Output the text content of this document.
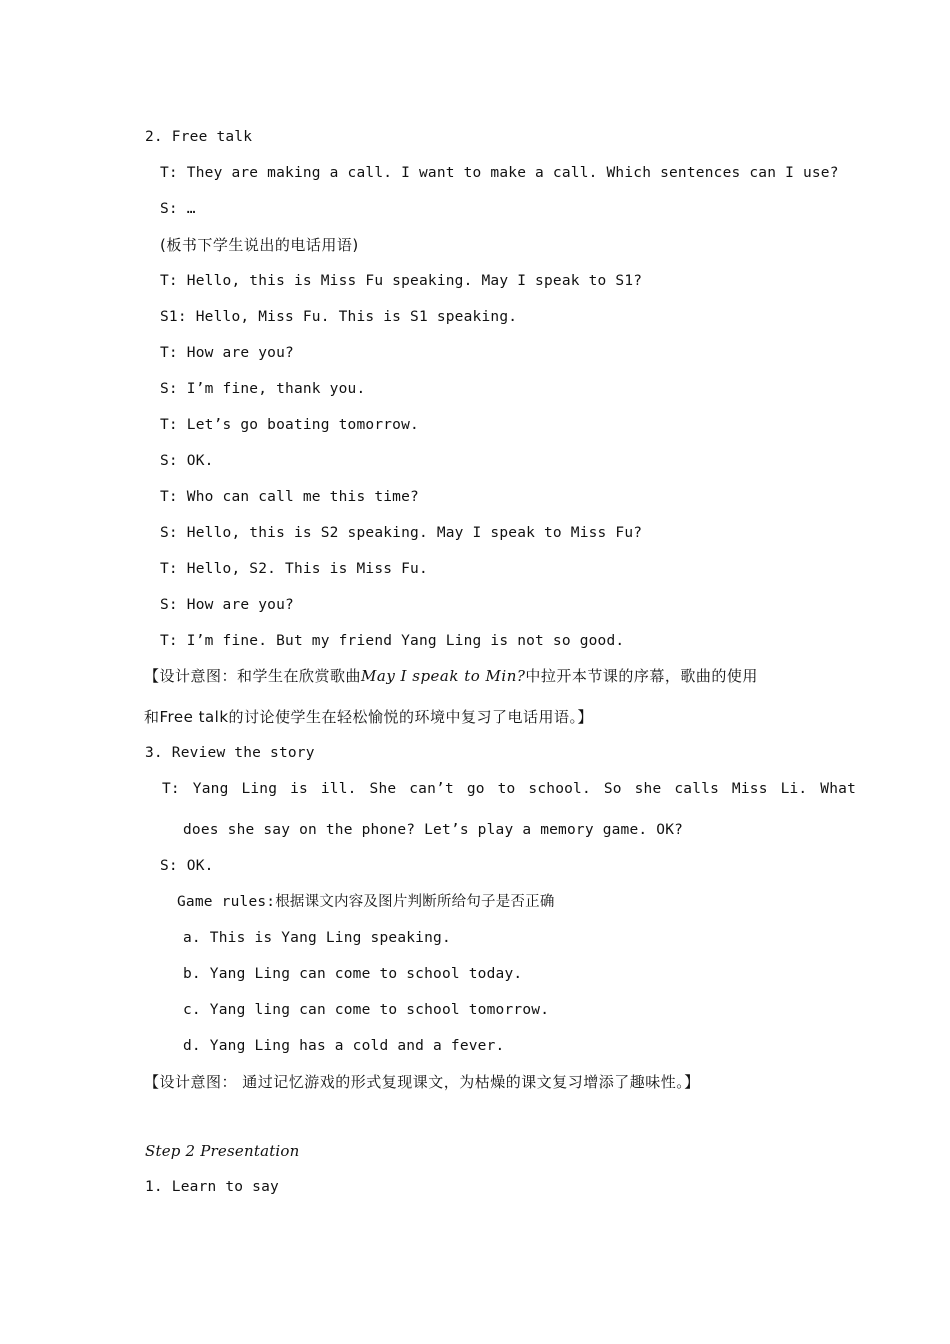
2. Free talk
T: They are making a call. I want to make a call. Which sentences can I use?
S: …
(板书下学生说出的电话用语)
T: Hello, this is Miss Fu speaking. May I speak to S1?
S1: Hello, Miss Fu. This is S1 speaking.
T: How are you?
S: I’m fine, thank you.
T: Let’s go boating tomorrow.
S: OK.
T: Who can call me this time?
S: Hello, this is S2 speaking. May I speak to Miss Fu?
T: Hello, S2. This is Miss Fu.
S: How are you?
T: I’m fine. But my friend Yang Ling is not so good.
【设计意图：和学生在欣赏歌曲May I speak to Min?中拉开本节课的序幕，歌曲的使用
和Free talk的讨论使学生在轻松愉悦的环境中复习了电话用语。】
3. Review the story
T: Yang Ling is ill. She can’t go to school. So she calls Miss Li. What
does she say on the phone? Let’s play a memory game. OK?
S: OK.
Game rules:根据课文内容及图片判断所给句子是否正确
a. This is Yang Ling speaking.
b. Yang Ling can come to school today.
c. Yang ling can come to school tomorrow.
d. Yang Ling has a cold and a fever.
【设计意图： 通过记忆游戏的形式复现课文，为枯燥的课文复习增添了趣味性。】
Step 2 Presentation
1. Learn to say
